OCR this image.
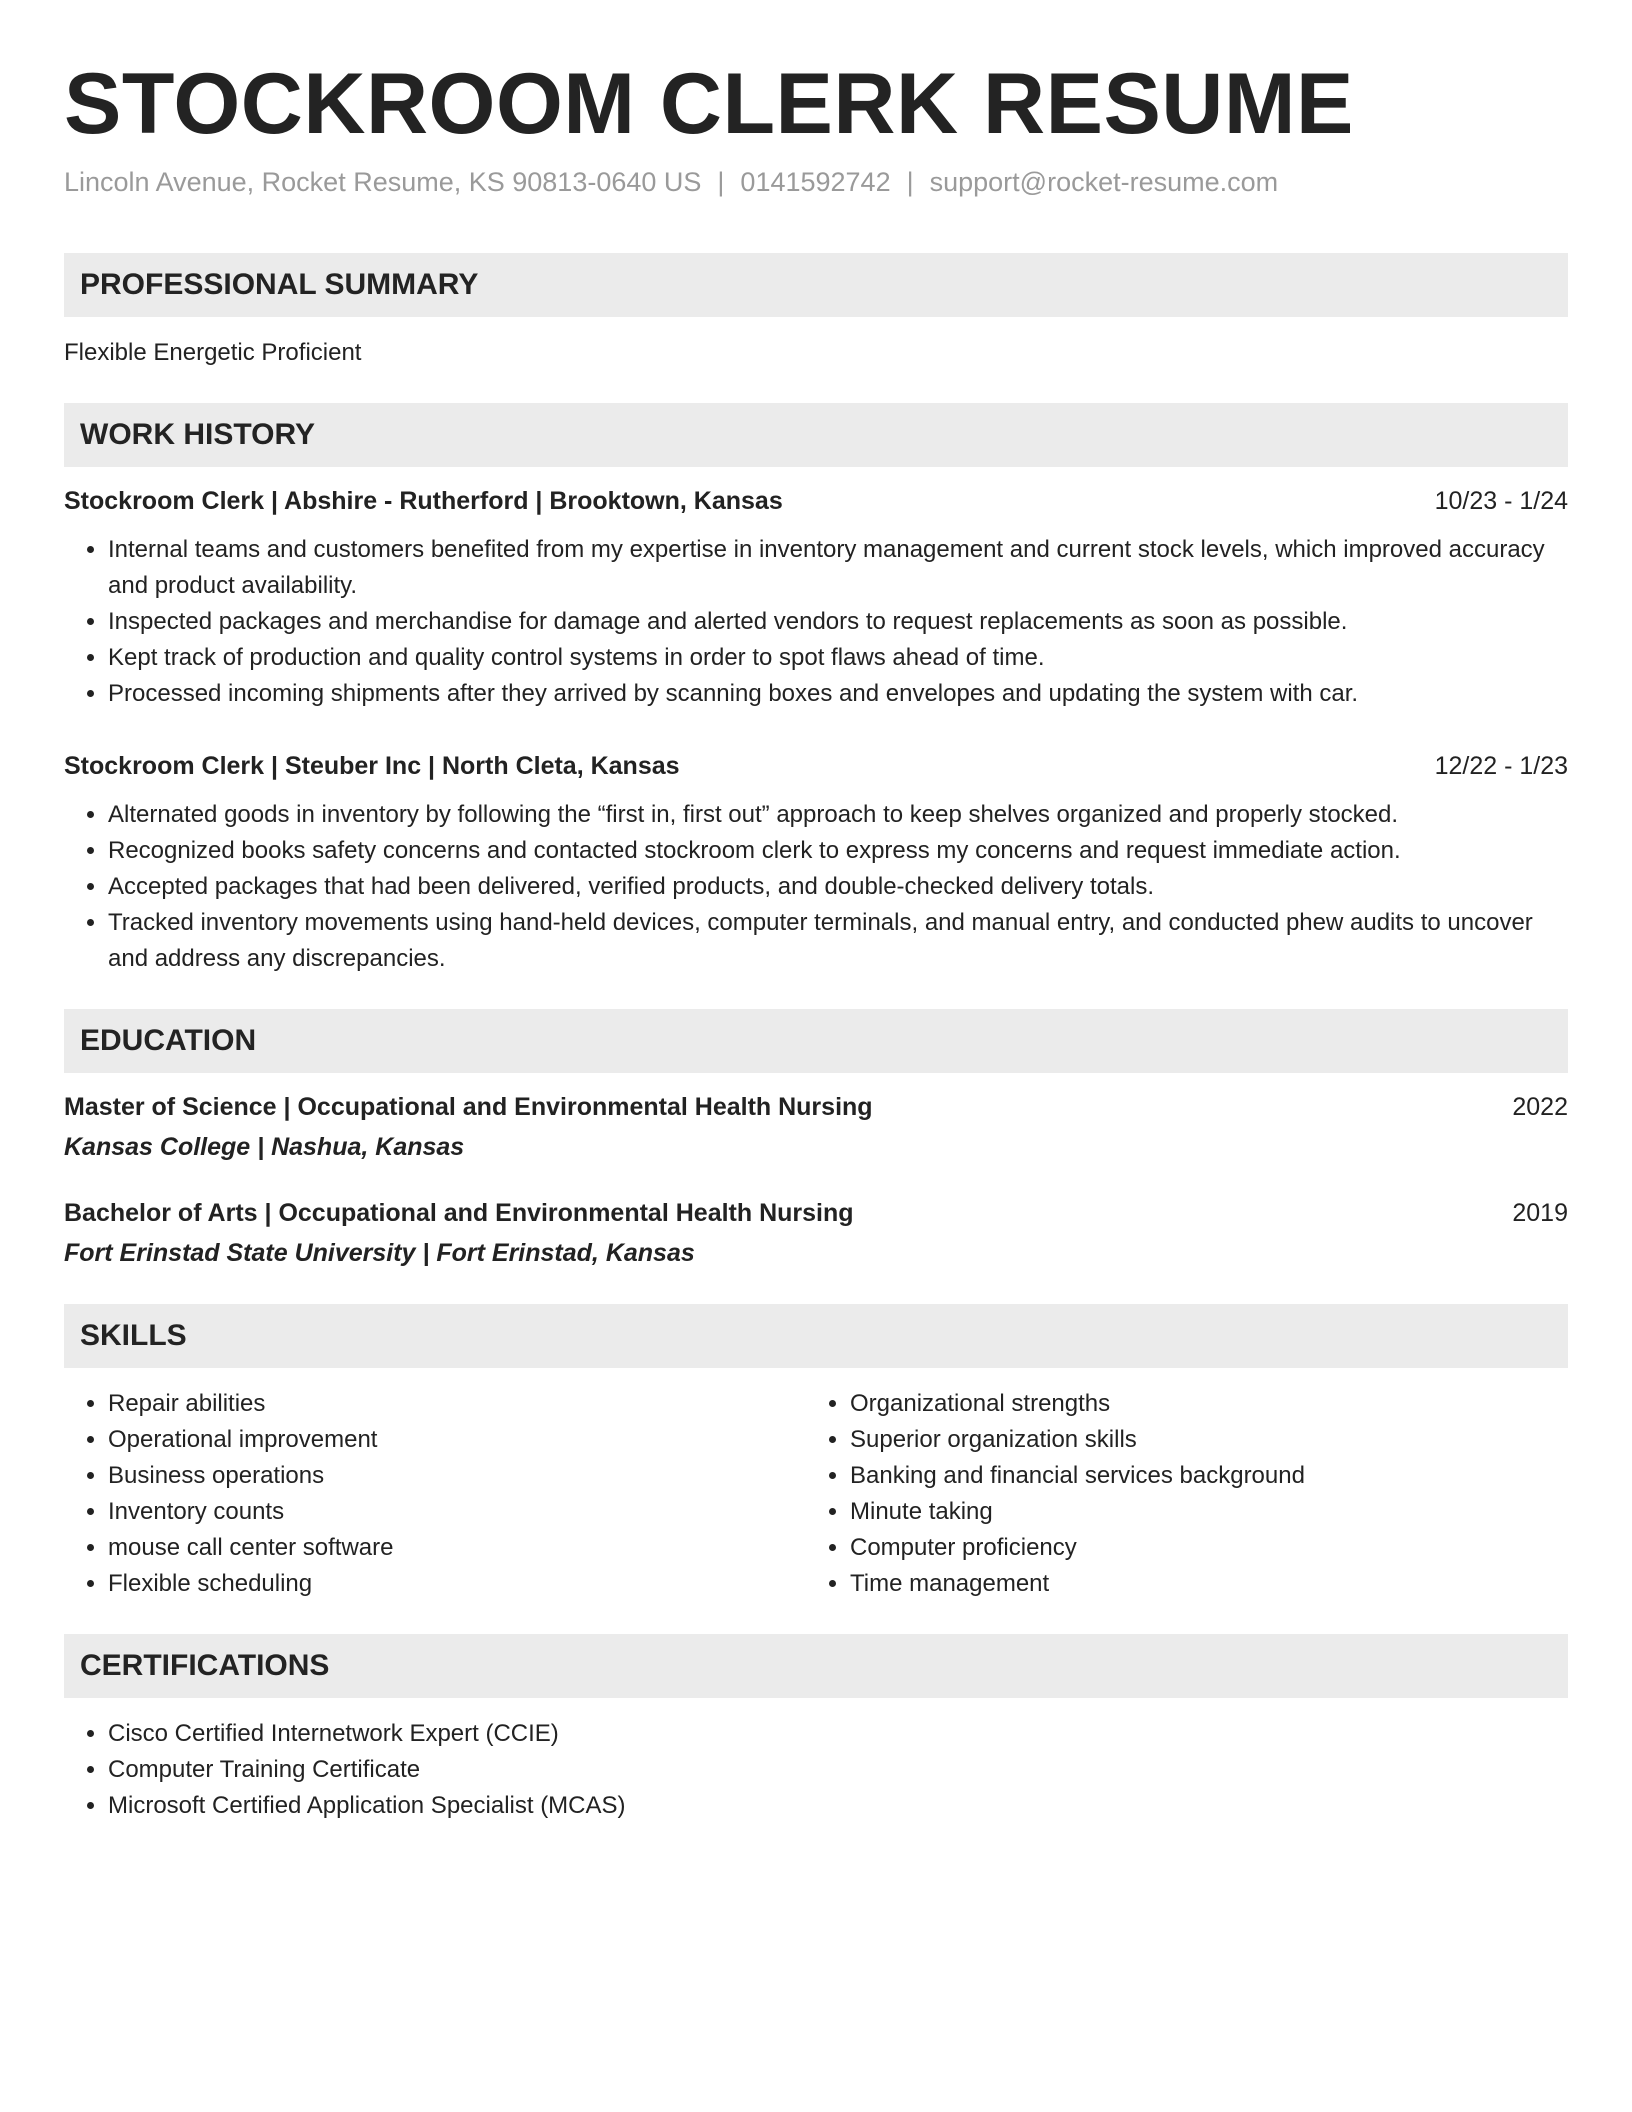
STOCKROOM CLERK RESUME
Lincoln Avenue, Rocket Resume, KS 90813-0640 US | 0141592742 | support@rocket-resume.com
PROFESSIONAL SUMMARY
Flexible Energetic Proficient
WORK HISTORY
Stockroom Clerk | Abshire - Rutherford | Brooktown, Kansas	10/23 - 1/24
• Internal teams and customers benefited from my expertise in inventory management and current stock levels, which improved accuracy and product availability.
• Inspected packages and merchandise for damage and alerted vendors to request replacements as soon as possible.
• Kept track of production and quality control systems in order to spot flaws ahead of time.
• Processed incoming shipments after they arrived by scanning boxes and envelopes and updating the system with car.
Stockroom Clerk | Steuber Inc | North Cleta, Kansas	12/22 - 1/23
• Alternated goods in inventory by following the “first in, first out” approach to keep shelves organized and properly stocked.
• Recognized books safety concerns and contacted stockroom clerk to express my concerns and request immediate action.
• Accepted packages that had been delivered, verified products, and double-checked delivery totals.
• Tracked inventory movements using hand-held devices, computer terminals, and manual entry, and conducted phew audits to uncover and address any discrepancies.
EDUCATION
Master of Science | Occupational and Environmental Health Nursing	2022
Kansas College | Nashua, Kansas
Bachelor of Arts | Occupational and Environmental Health Nursing	2019
Fort Erinstad State University | Fort Erinstad, Kansas
SKILLS
• Repair abilities
• Operational improvement
• Business operations
• Inventory counts
• mouse call center software
• Flexible scheduling
• Organizational strengths
• Superior organization skills
• Banking and financial services background
• Minute taking
• Computer proficiency
• Time management
CERTIFICATIONS
• Cisco Certified Internetwork Expert (CCIE)
• Computer Training Certificate
• Microsoft Certified Application Specialist (MCAS)
